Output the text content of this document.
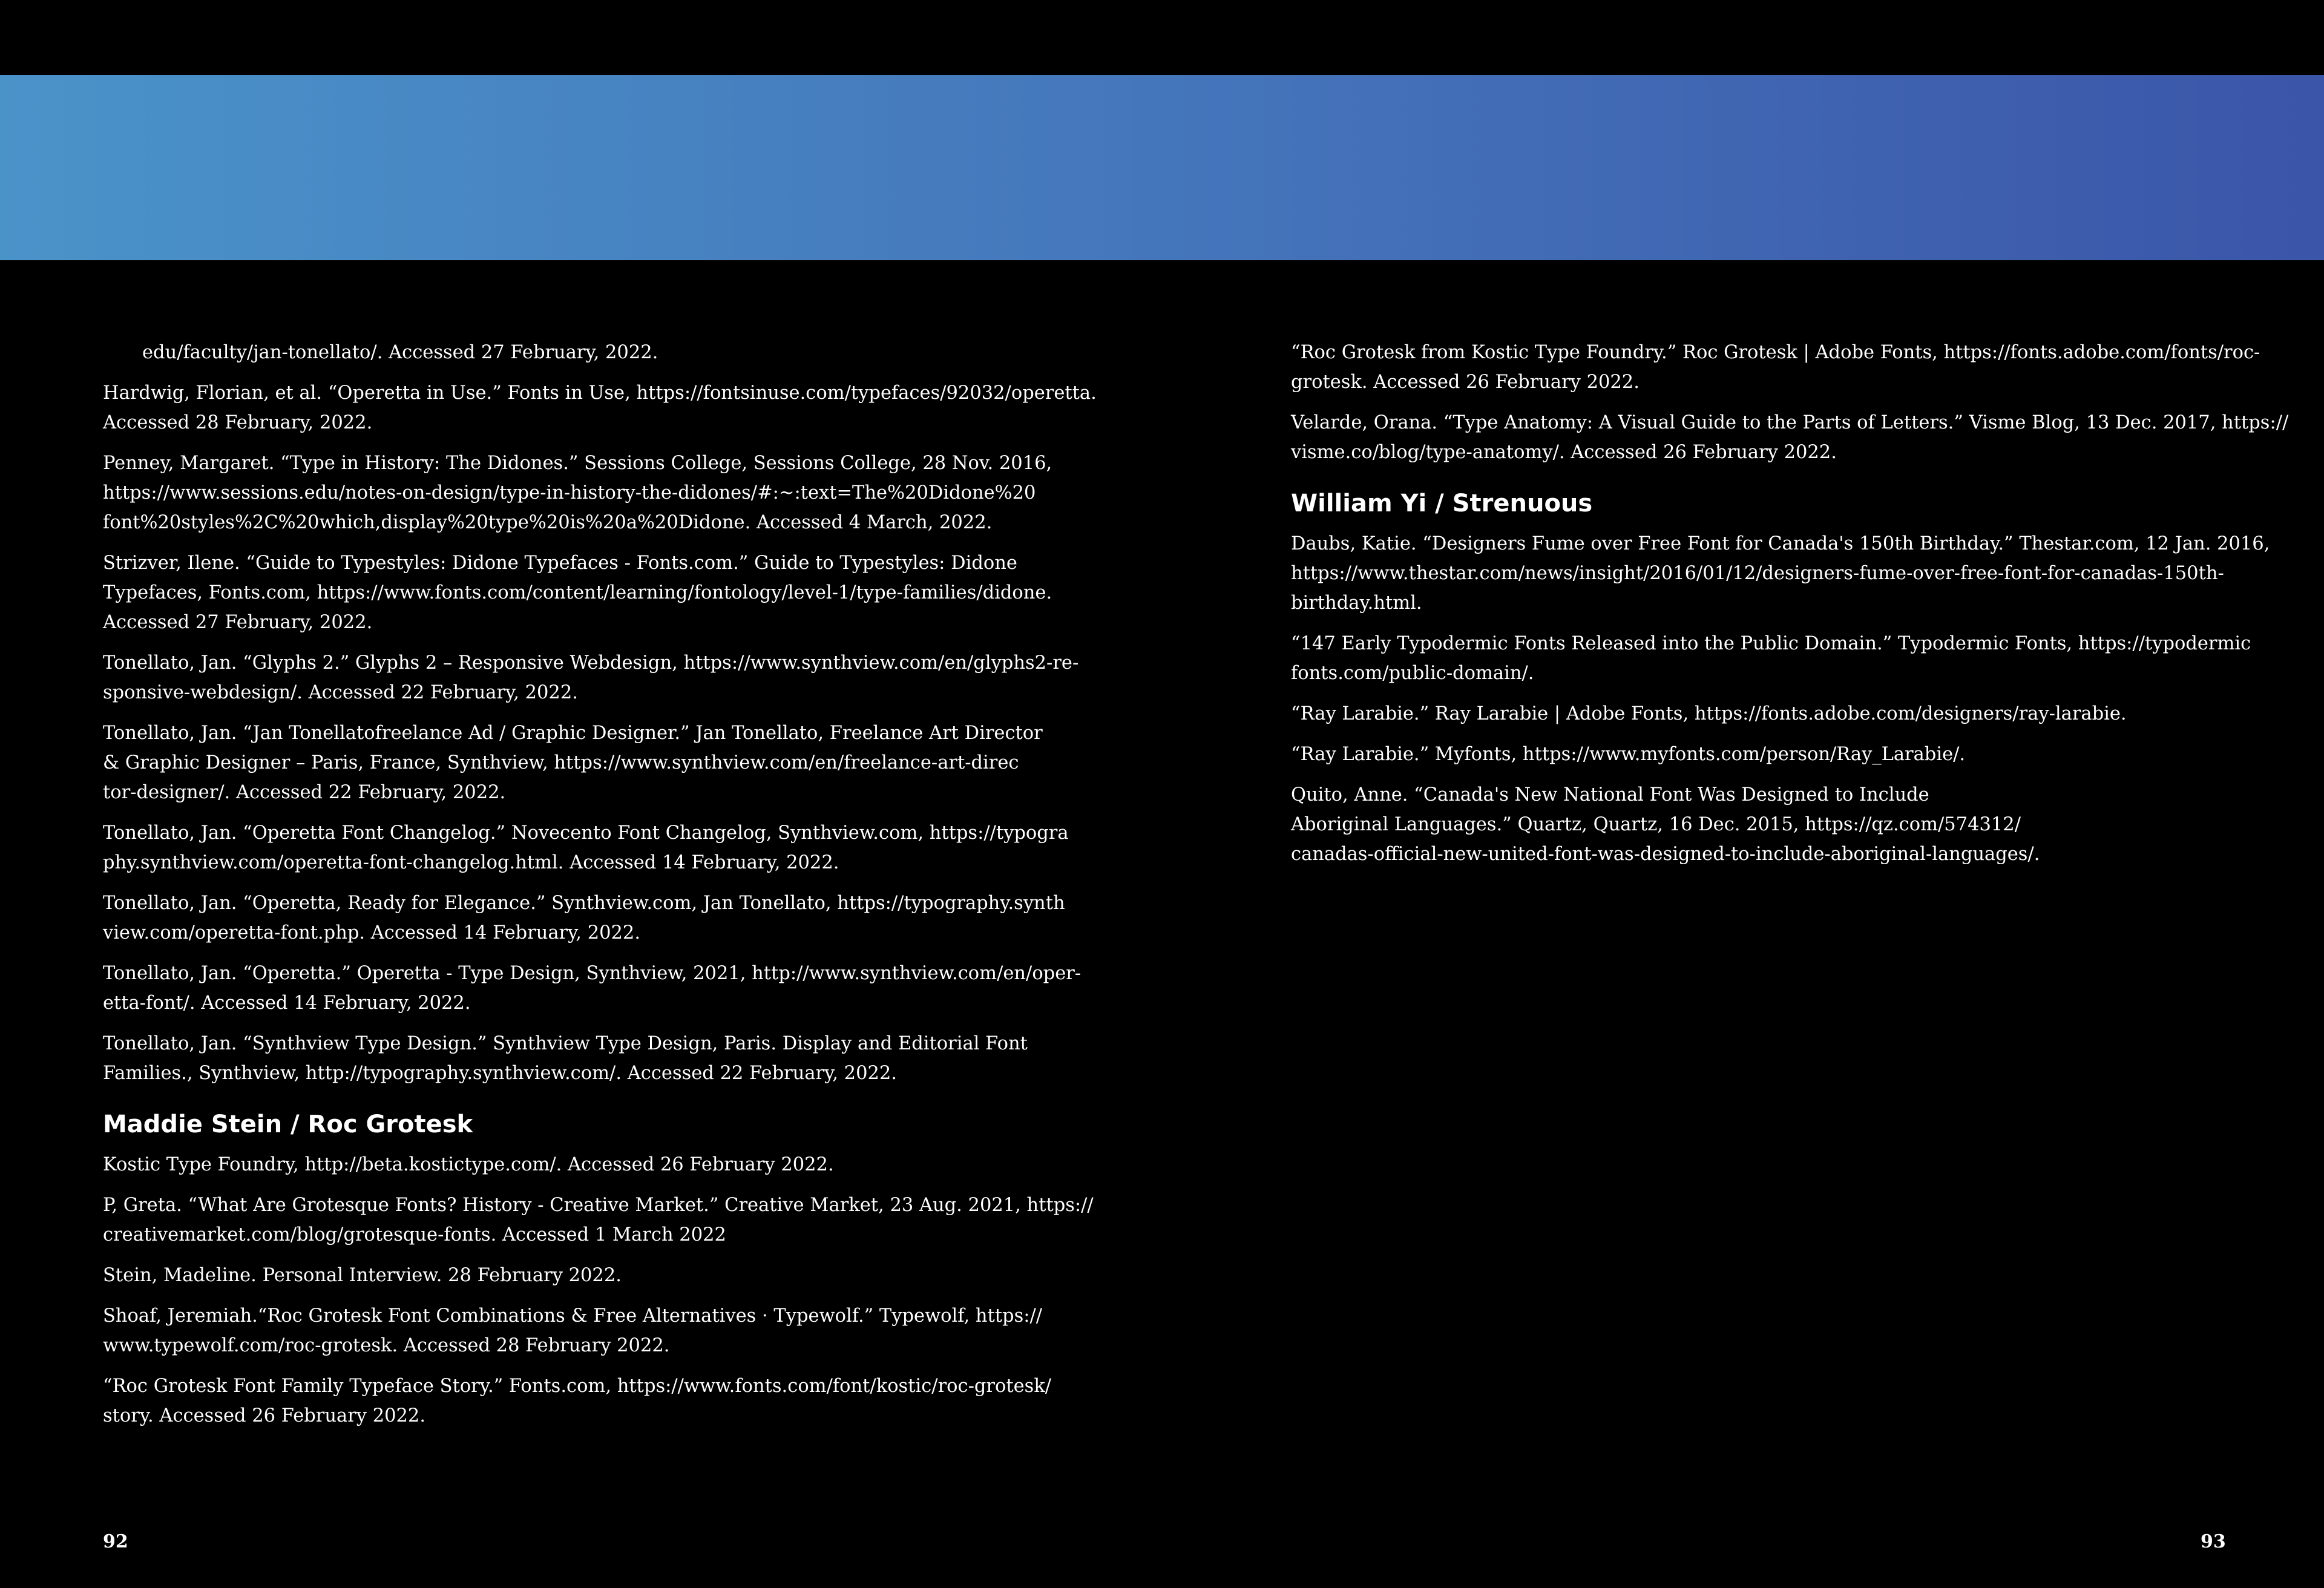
edu/faculty/jan-tonellato/. Accessed 27 February, 2022.
Hardwig, Florian, et al. “Operetta in Use.” Fonts in Use, https://fontsinuse.com/typefaces/92032/operetta.
Accessed 28 February, 2022.
Penney, Margaret. “Type in History: The Didones.” Sessions College, Sessions College, 28 Nov. 2016,
https://www.sessions.edu/notes-on-design/type-in-history-the-didones/#:~:text=The%20Didone%20
font%20styles%2C%20which,display%20type%20is%20a%20Didone. Accessed 4 March, 2022.
Strizver, Ilene. “Guide to Typestyles: Didone Typefaces - Fonts.com.” Guide to Typestyles: Didone
Typefaces, Fonts.com, https://www.fonts.com/content/learning/fontology/level-1/type-families/didone.
Accessed 27 February, 2022.
Tonellato, Jan. “Glyphs 2.” Glyphs 2 – Responsive Webdesign, https://www.synthview.com/en/glyphs2-re-
sponsive-webdesign/. Accessed 22 February, 2022.
Tonellato, Jan. “Jan Tonellatofreelance Ad / Graphic Designer.” Jan Tonellato, Freelance Art Director
& Graphic Designer – Paris, France, Synthview, https://www.synthview.com/en/freelance-art-direc
tor-designer/. Accessed 22 February, 2022.
Tonellato, Jan. “Operetta Font Changelog.” Novecento Font Changelog, Synthview.com, https://typogra
phy.synthview.com/operetta-font-changelog.html. Accessed 14 February, 2022.
Tonellato, Jan. “Operetta, Ready for Elegance.” Synthview.com, Jan Tonellato, https://typography.synth
view.com/operetta-font.php. Accessed 14 February, 2022.
Tonellato, Jan. “Operetta.” Operetta - Type Design, Synthview, 2021, http://www.synthview.com/en/oper-
etta-font/. Accessed 14 February, 2022.
Tonellato, Jan. “Synthview Type Design.” Synthview Type Design, Paris. Display and Editorial Font
Families., Synthview, http://typography.synthview.com/. Accessed 22 February, 2022.
Maddie Stein / Roc Grotesk
Kostic Type Foundry, http://beta.kostictype.com/. Accessed 26 February 2022.
P, Greta. “What Are Grotesque Fonts? History - Creative Market.” Creative Market, 23 Aug. 2021, https://
creativemarket.com/blog/grotesque-fonts. Accessed 1 March 2022
Stein, Madeline. Personal Interview. 28 February 2022.
Shoaf, Jeremiah.“Roc Grotesk Font Combinations & Free Alternatives · Typewolf.” Typewolf, https://
www.typewolf.com/roc-grotesk. Accessed 28 February 2022.
“Roc Grotesk Font Family Typeface Story.” Fonts.com, https://www.fonts.com/font/kostic/roc-grotesk/
story. Accessed 26 February 2022.
“Roc Grotesk from Kostic Type Foundry.” Roc Grotesk | Adobe Fonts, https://fonts.adobe.com/fonts/roc-
grotesk. Accessed 26 February 2022.
Velarde, Orana. “Type Anatomy: A Visual Guide to the Parts of Letters.” Visme Blog, 13 Dec. 2017, https://
visme.co/blog/type-anatomy/. Accessed 26 February 2022.
William Yi / Strenuous
Daubs, Katie. “Designers Fume over Free Font for Canada's 150th Birthday.” Thestar.com, 12 Jan. 2016,
https://www.thestar.com/news/insight/2016/01/12/designers-fume-over-free-font-for-canadas-150th-
birthday.html.
“147 Early Typodermic Fonts Released into the Public Domain.” Typodermic Fonts, https://typodermic
fonts.com/public-domain/.
“Ray Larabie.” Ray Larabie | Adobe Fonts, https://fonts.adobe.com/designers/ray-larabie.
“Ray Larabie.” Myfonts, https://www.myfonts.com/person/Ray_Larabie/.
Quito, Anne. “Canada's New National Font Was Designed to Include
Aboriginal Languages.” Quartz, Quartz, 16 Dec. 2015, https://qz.com/574312/
canadas-official-new-united-font-was-designed-to-include-aboriginal-languages/.
92	93
